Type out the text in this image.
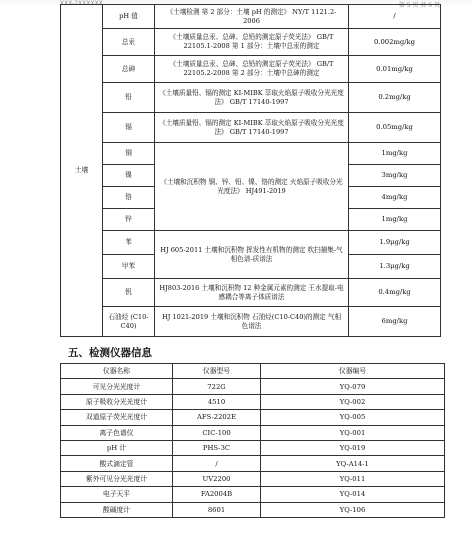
XXX-2XXXXXX	第 5 页 共 6 页
土壤	pH 值	《土壤检测 第 2 部分：土壤 pH 的测定》 NY/T 1121.2-2006	/
	总汞	《土壤质量总汞、总砷、总铅的测定原子荧光法》 GB/T 22105.1-2008 第 1 部分：土壤中总汞的测定	0.002mg/kg
	总砷	《土壤质量总汞、总砷、总铅的测定原子荧光法》 GB/T 22105.2-2008 第 2 部分：土壤中总砷的测定	0.01mg/kg
	铅	《土壤质量铅、镉的测定 KI-MIBK 萃取火焰原子吸收分光光度法》 GB/T 17140-1997	0.2mg/kg
	镉	《土壤质量铅、镉的测定 KI-MIBK 萃取火焰原子吸收分光光度法》 GB/T 17140-1997	0.05mg/kg
	铜	《土壤和沉积物 铜、锌、铅、镍、铬的测定 火焰原子吸收分光光度法》 HJ491-2019	1mg/kg
	镍		3mg/kg
	铬		4mg/kg
	锌		1mg/kg
	苯	HJ 605-2011 土壤和沉积物 挥发性有机物的测定 吹扫捕集-气相色谱-质谱法	1.9μg/kg
	甲苯		1.3μg/kg
	钒	HJ803-2016 土壤和沉积物 12 种金属元素的测定 王水提取-电感耦合等离子体质谱法	0.4mg/kg
	石油烃 (C10-C40)	HJ 1021-2019 土壤和沉积物 石油烃(C10-C40)的测定 气相色谱法	6mg/kg
五、检测仪器信息
仪器名称	仪器型号	仪器编号
可见分光光度计	722G	YQ-079
原子吸收分光光度计	4510	YQ-002
双道原子荧光光度计	AFS-2202E	YQ-005
离子色谱仪	CIC-100	YQ-001
pH 计	PHS-3C	YQ-019
酸式滴定管	/	YQ-A14-1
紫外可见分光光度计	UV2200	YQ-011
电子天平	FA2004B	YQ-014
酸碱度计	8601	YQ-106
